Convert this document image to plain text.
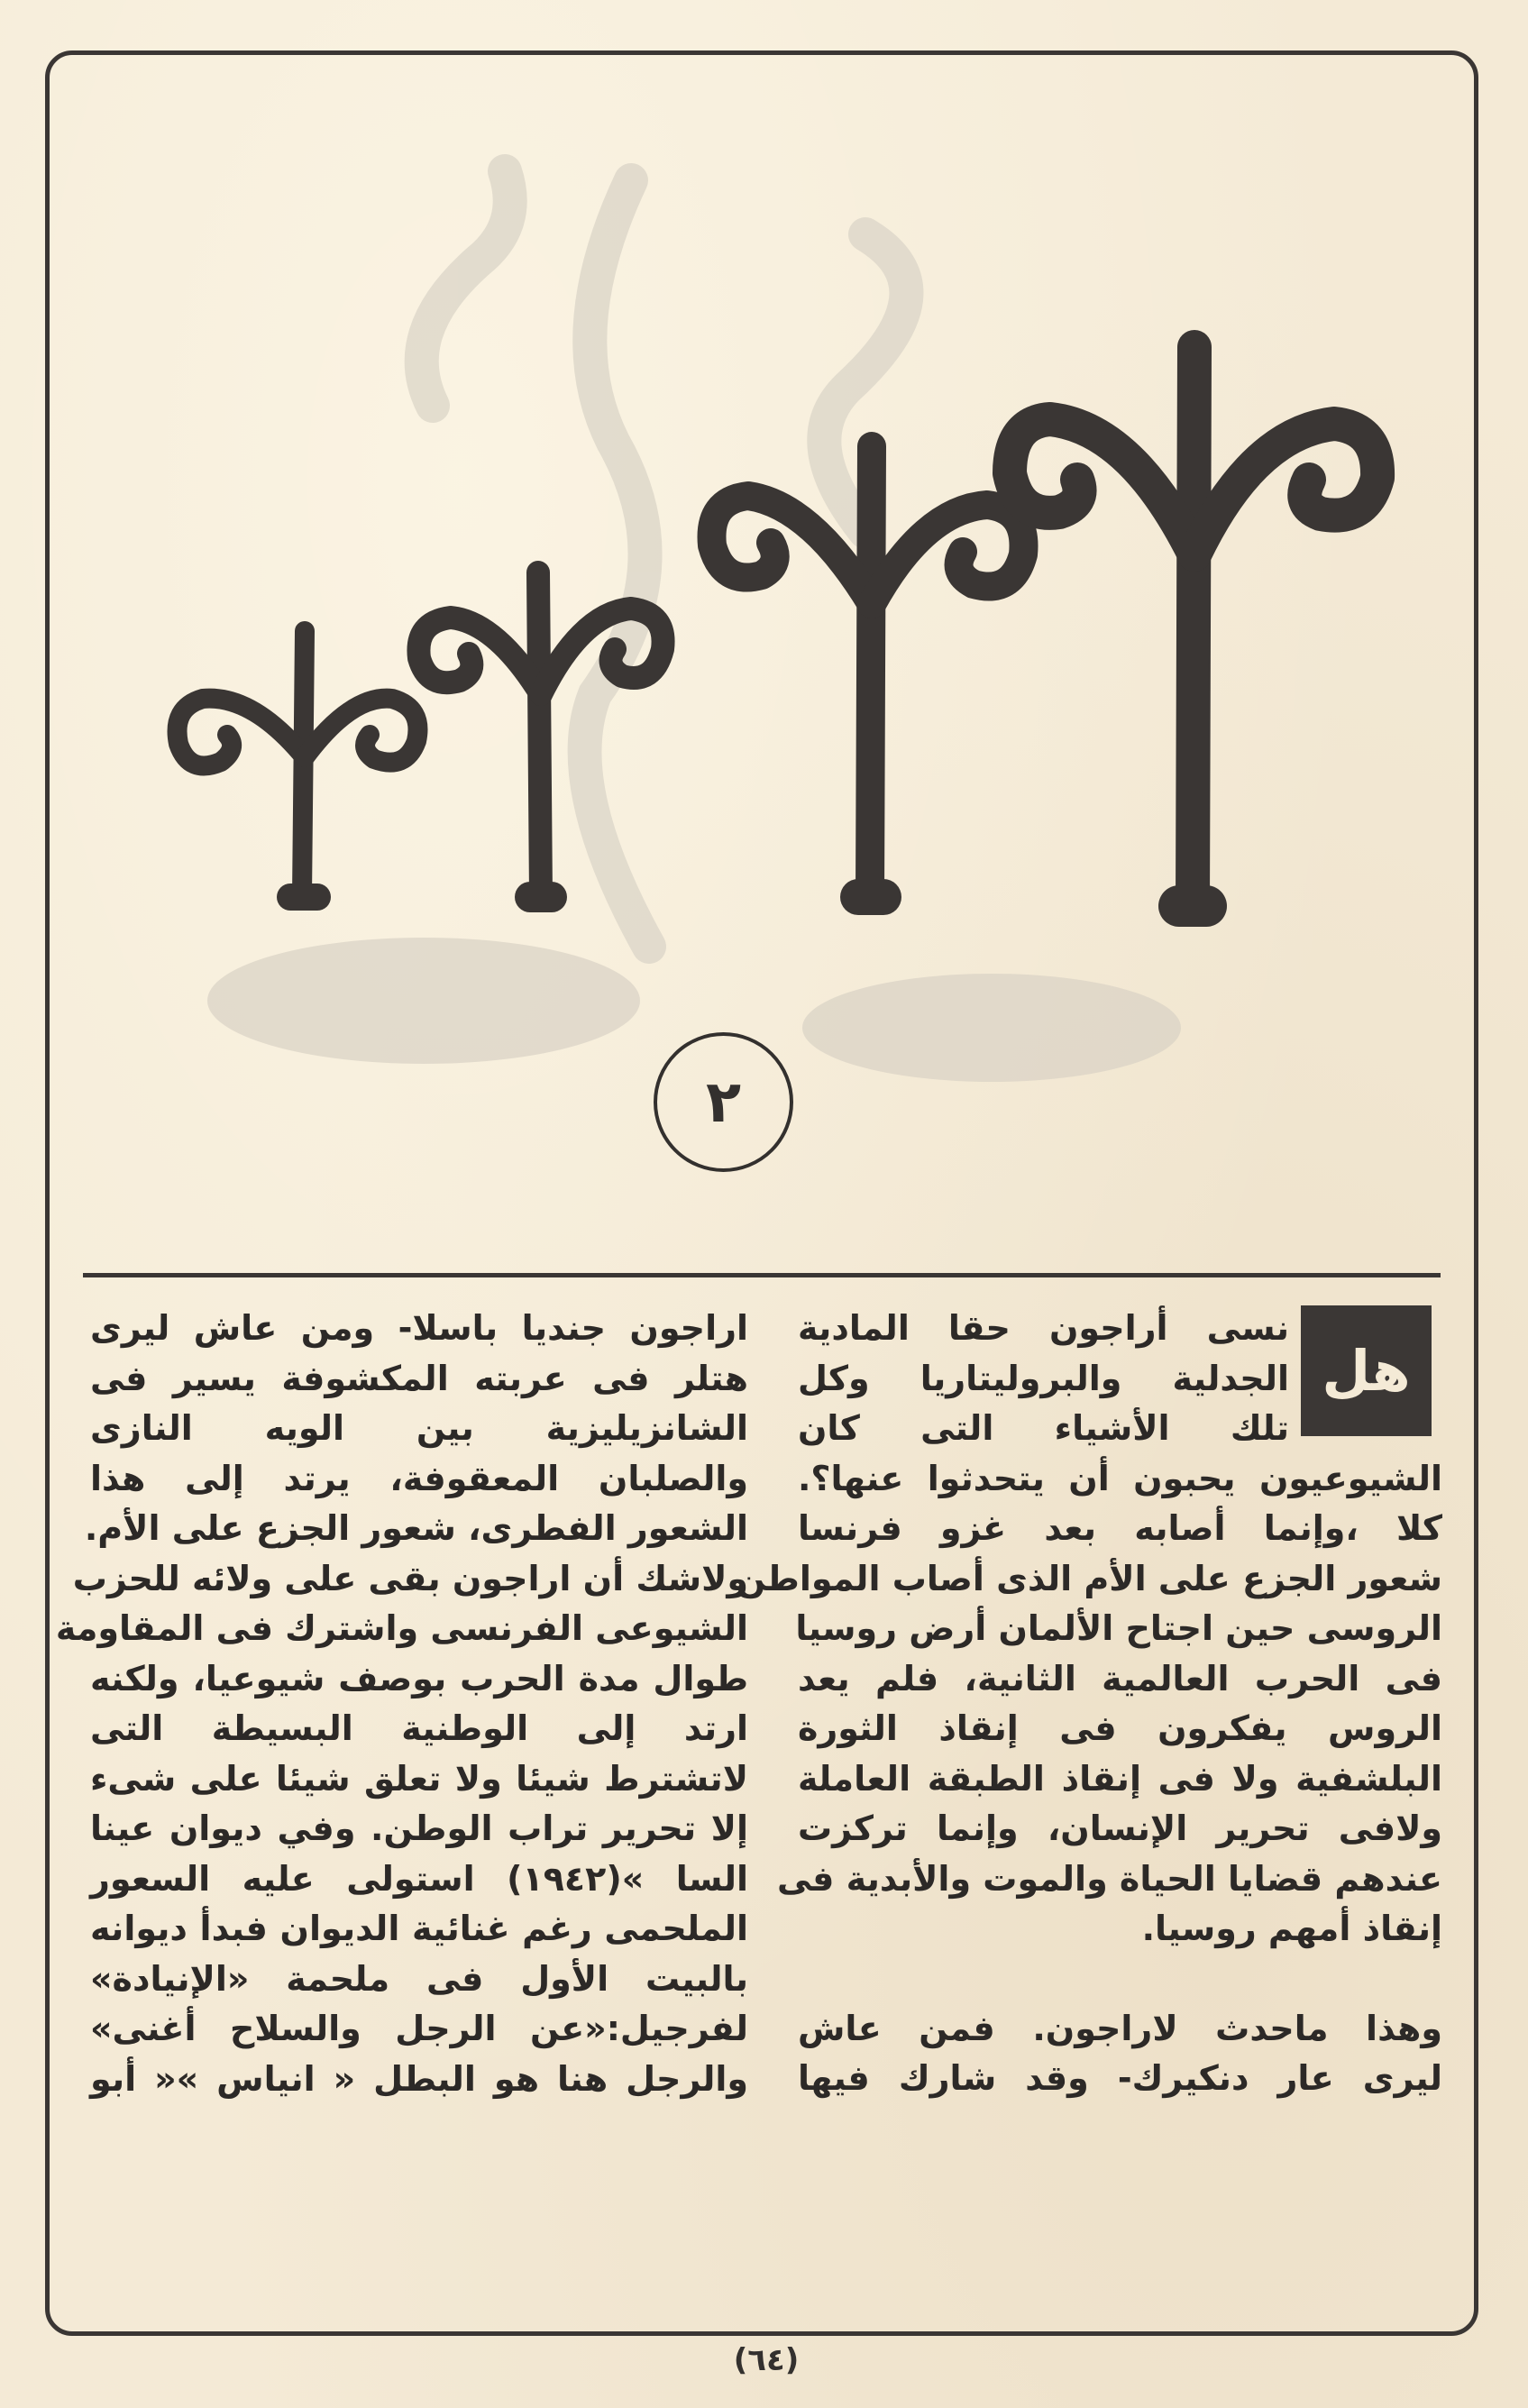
٢
هل
نسى أراجون حقا المادية
الجدلية والبروليتاريا وكل
تلك الأشياء التى كان
الشيوعيون يحبون أن يتحدثوا عنها؟.
كلا ،وإنما أصابه بعد غزو فرنسا
شعور الجزع على الأم الذى أصاب المواطن
الروسى حين اجتاح الألمان أرض روسيا
فى الحرب العالمية الثانية، فلم يعد
الروس يفكرون فى إنقاذ الثورة
البلشفية ولا فى إنقاذ الطبقة العاملة
ولافى تحرير الإنسان، وإنما تركزت
عندهم قضايا الحياة والموت والأبدية فى
إنقاذ أمهم روسيا.
وهذا ماحدث لاراجون. فمن عاش
ليرى عار دنكيرك- وقد شارك فيها
اراجون جنديا باسلا- ومن عاش ليرى
هتلر فى عربته المكشوفة يسير فى
الشانزيليزية بين الويه النازى
والصلبان المعقوفة، يرتد إلى هذا
الشعور الفطرى، شعور الجزع على الأم.
ولاشك أن اراجون بقى على ولائه للحزب
الشيوعى الفرنسى واشترك فى المقاومة
طوال مدة الحرب بوصف شيوعيا، ولكنه
ارتد إلى الوطنية البسيطة التى
لاتشترط شيئا ولا تعلق شيئا على شىء
إلا تحرير تراب الوطن. وفي ديوان عينا
السا »(١٩٤٢) استولى عليه السعور
الملحمى رغم غنائية الديوان فبدأ ديوانه
بالبيت الأول فى ملحمة «الإنيادة»
لفرجيل:«عن الرجل والسلاح أغنى»
والرجل هنا هو البطل « انياس »« أبو
(٦٤)
